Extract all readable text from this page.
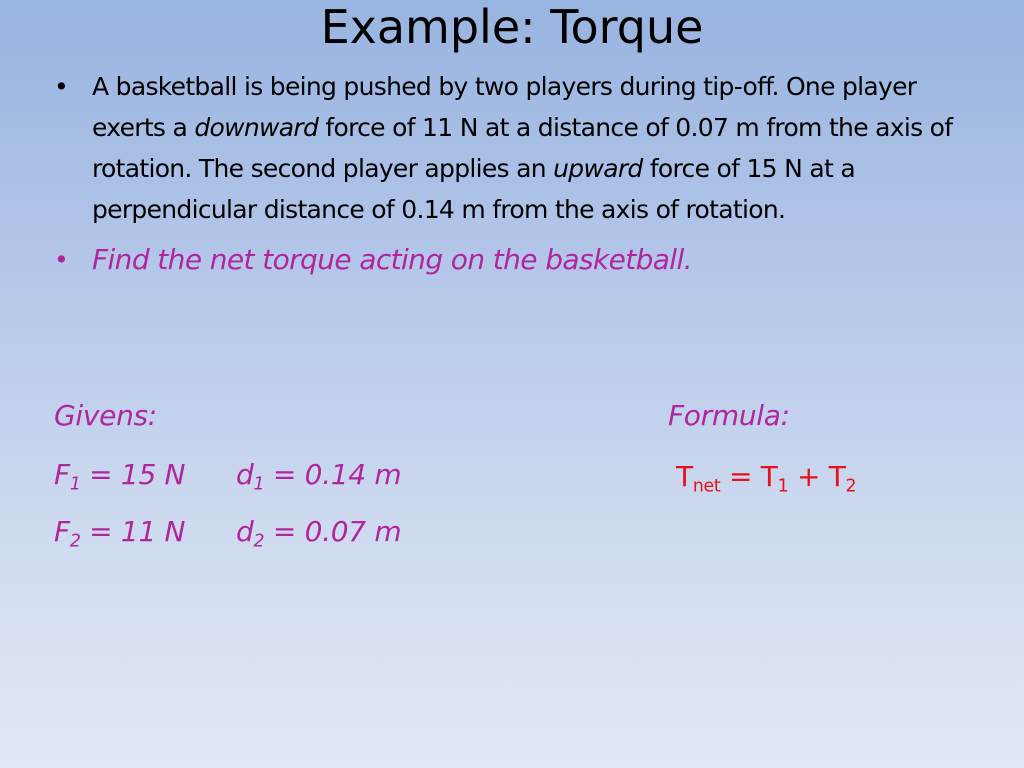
Example: Torque
• A basketball is being pushed by two players during tip-off. One player exerts a downward force of 11 N at a distance of 0.07 m from the axis of rotation. The second player applies an upward force of 15 N at a perpendicular distance of 0.14 m from the axis of rotation.
• Find the net torque acting on the basketball.
Givens:
$F_1 = 15$ N $d_1 = 0.14$ m
$F_2 = 11$ N $d_2 = 0.07$ m
Formula:
$T_{net} = T_1 + T_2$
